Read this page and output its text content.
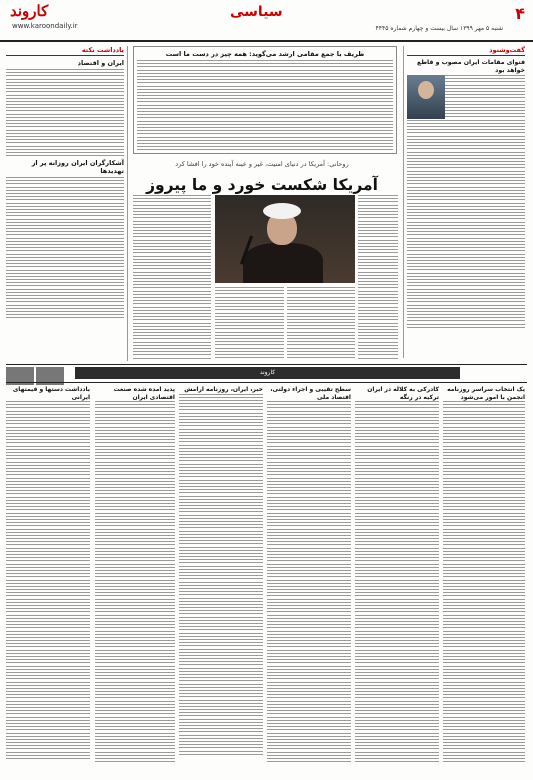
۴
سیاسی
کاروند
www.karoondaily.ir	شنبه ۵ مهر ۱۳۹۹ سال بیست و چهارم شماره ۴۴۴۵
گفت‌وشنود
فتوای مقامات ایران مصوب و قاطع خواهد بود
ظریف با جمع مقامی ارشد می‌گوید: همه چیز در دست ما است
روحانی: آمریکا در دنیای امنیت، غیر و عینه آینده خود را افشا کرد
آمریکا شکست خورد و ما پیروز
یادداشت نکته
ایران و اقتصاد
آشکارگران ایران روزانه پر از تهدیدها
کاروند
یک انتخاب سراسر روزنامه انجمن با امور می‌شود
کادرکی به کلاله در ایران ترکیه در رنگه
سطح تقیبی و اجراء دولتی، اقتصاد ملی
خبر، ایران، روزنامه آرامش
پدید آمده شده صنعت اقتصادی ایران
بادداشت دستها و قیمتهای ایرانی
